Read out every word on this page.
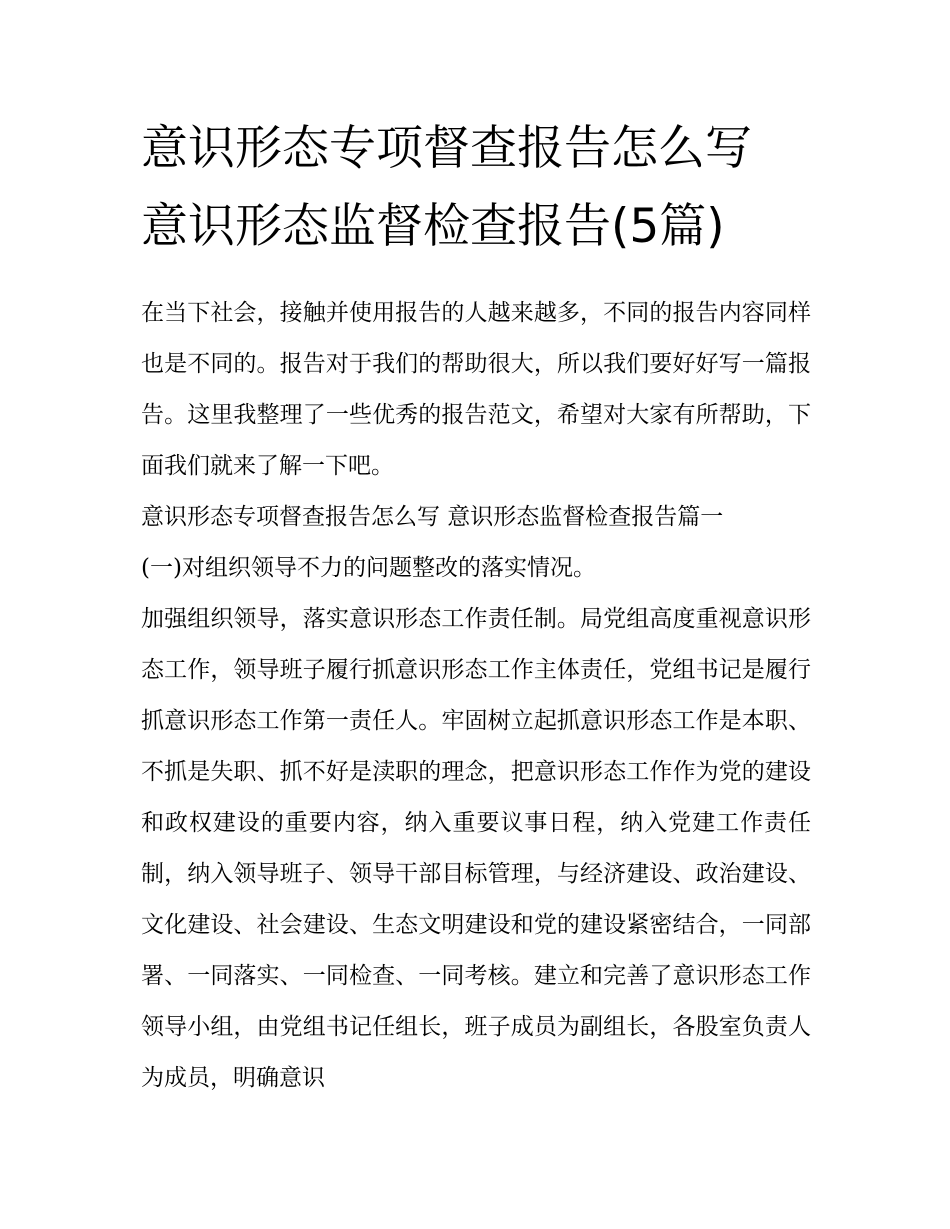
意识形态专项督查报告怎么写
意识形态监督检查报告(5篇)

在当下社会，接触并使用报告的人越来越多，不同的报告内容同样也是不同的。报告对于我们的帮助很大，所以我们要好好写一篇报告。这里我整理了一些优秀的报告范文，希望对大家有所帮助，下面我们就来了解一下吧。

意识形态专项督查报告怎么写 意识形态监督检查报告篇一

(一)对组织领导不力的问题整改的落实情况。

加强组织领导，落实意识形态工作责任制。局党组高度重视意识形态工作，领导班子履行抓意识形态工作主体责任，党组书记是履行抓意识形态工作第一责任人。牢固树立起抓意识形态工作是本职、不抓是失职、抓不好是渎职的理念，把意识形态工作作为党的建设和政权建设的重要内容，纳入重要议事日程，纳入党建工作责任制，纳入领导班子、领导干部目标管理，与经济建设、政治建设、文化建设、社会建设、生态文明建设和党的建设紧密结合，一同部署、一同落实、一同检查、一同考核。建立和完善了意识形态工作领导小组，由党组书记任组长，班子成员为副组长，各股室负责人为成员，明确意识
